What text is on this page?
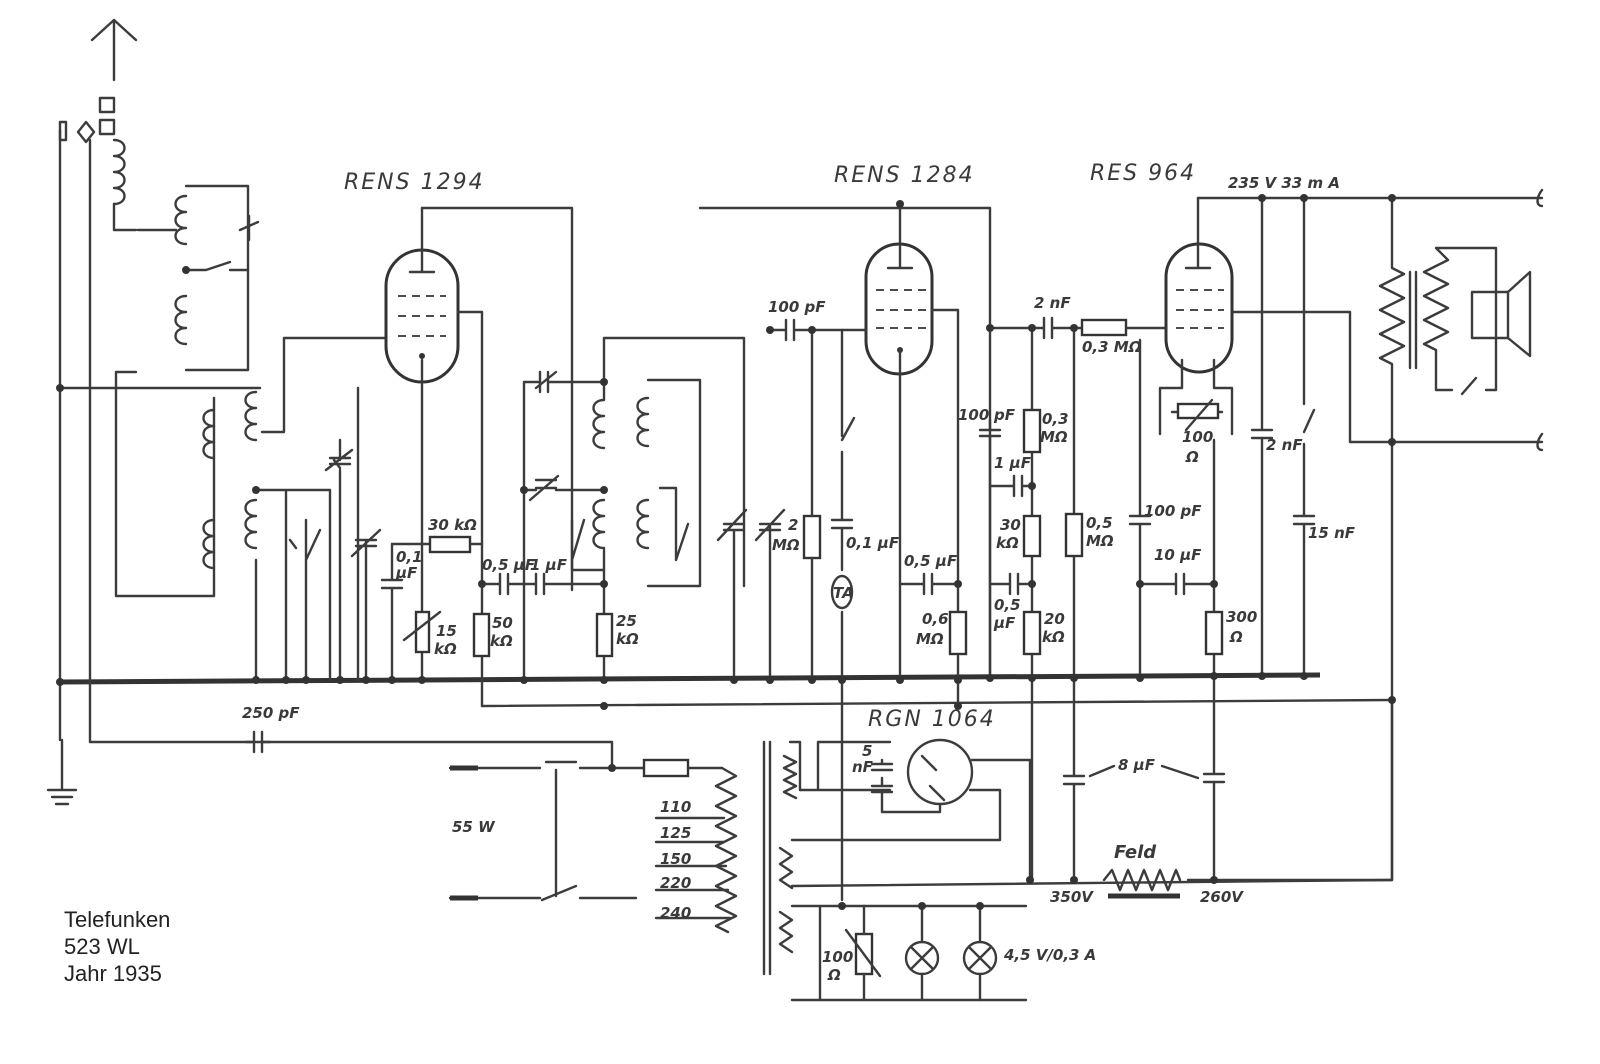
RENS 1294	RENS 1284	RES 964
RGN 1064
235 V 33 m A
350V	260V
Feld
55 W
4,5 V/0,3 A
110
125
150
220
240
250 pF
30 kΩ
0,1
µF
15
kΩ
0,5 µF
1 µF
50
kΩ
25
kΩ
100 pF
2
MΩ	0,1 µF
TA
0,5 µF
0,6
MΩ
100 pF 0,3
MΩ
1 µF
30
kΩ
0,5
µF 20
kΩ
2 nF
0,3 MΩ
0,5
MΩ
100 pF
10 µF
300
Ω
100
Ω
2 nF
15 nF
8 µF
5
nF
100
Ω
Telefunken
523 WL
Jahr 1935
